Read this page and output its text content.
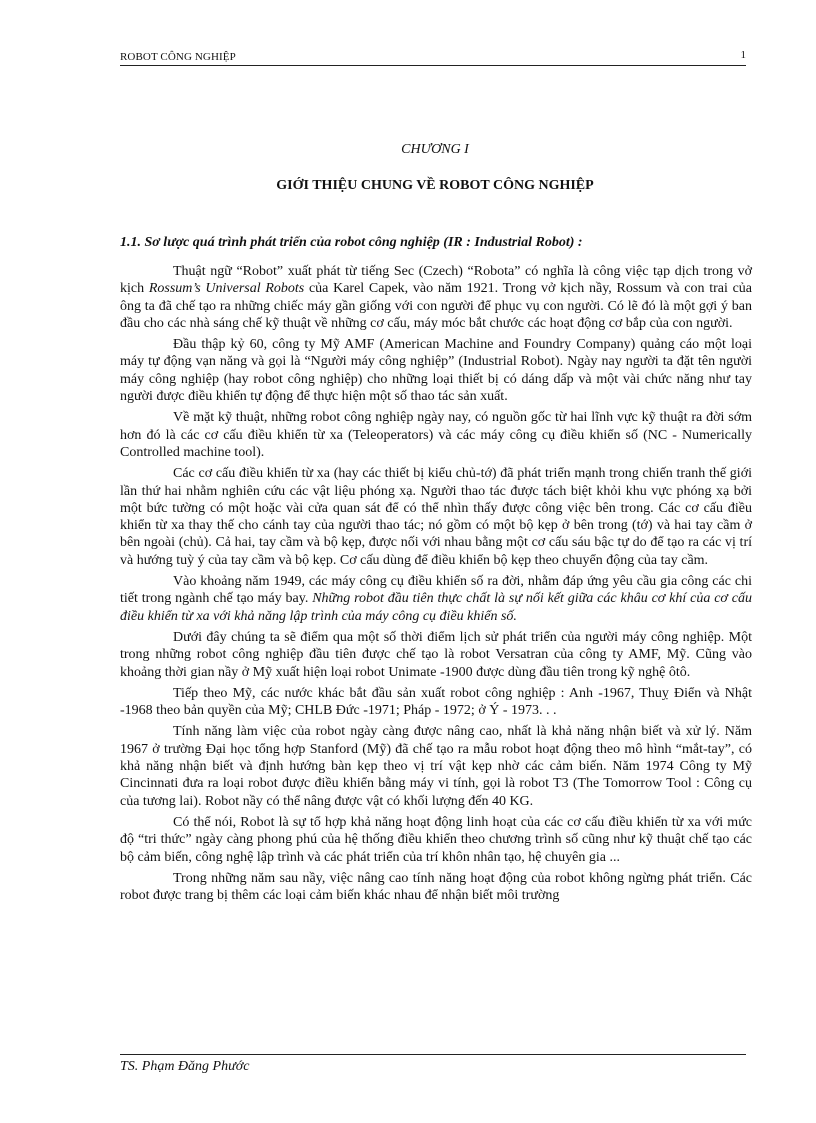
ROBOT CÔNG NGHIỆP	1
CHƯƠNG I
GIỚI THIỆU CHUNG VỀ ROBOT CÔNG NGHIỆP
1.1. Sơ lược quá trình phát triển của robot công nghiệp (IR : Industrial Robot) :

Thuật ngữ “Robot” xuất phát từ tiếng Sec (Czech) “Robota” có nghĩa là công việc tạp dịch trong vở kịch Rossum’s Universal Robots của Karel Capek, vào năm 1921. Trong vở kịch nầy, Rossum và con trai của ông ta đã chế tạo ra những chiếc máy gần giống với con người để phục vụ con người. Có lẽ đó là một gợi ý ban đầu cho các nhà sáng chế kỹ thuật về những cơ cấu, máy móc bắt chước các hoạt động cơ bắp của con người.

Đầu thập kỷ 60, công ty Mỹ AMF (American Machine and Foundry Company) quảng cáo một loại máy tự động vạn năng và gọi là “Người máy công nghiệp” (Industrial Robot). Ngày nay người ta đặt tên người máy công nghiệp (hay robot công nghiệp) cho những loại thiết bị có dáng dấp và một vài chức năng như tay người được điều khiển tự động để thực hiện một số thao tác sản xuất.

Về mặt kỹ thuật, những robot công nghiệp ngày nay, có nguồn gốc từ hai lĩnh vực kỹ thuật ra đời sớm hơn đó là các cơ cấu điều khiển từ xa (Teleoperators) và các máy công cụ điều khiển số (NC - Numerically Controlled machine tool).

Các cơ cấu điều khiển từ xa (hay các thiết bị kiểu chủ-tớ) đã phát triển mạnh trong chiến tranh thế giới lần thứ hai nhằm nghiên cứu các vật liệu phóng xạ. Người thao tác được tách biệt khỏi khu vực phóng xạ bởi một bức tường có một hoặc vài cửa quan sát để có thể nhìn thấy được công việc bên trong. Các cơ cấu điều khiển từ xa thay thế cho cánh tay của người thao tác; nó gồm có một bộ kẹp ở bên trong (tớ) và hai tay cầm ở bên ngoài (chủ). Cả hai, tay cầm và bộ kẹp, được nối với nhau bằng một cơ cấu sáu bậc tự do để tạo ra các vị trí và hướng tuỳ ý của tay cầm và bộ kẹp. Cơ cấu dùng để điều khiển bộ kẹp theo chuyển động của tay cầm.

Vào khoảng năm 1949, các máy công cụ điều khiển số ra đời, nhằm đáp ứng yêu cầu gia công các chi tiết trong ngành chế tạo máy bay. Những robot đầu tiên thực chất là sự nối kết giữa các khâu cơ khí của cơ cấu điều khiển từ xa với khả năng lập trình của máy công cụ điều khiển số.

Dưới đây chúng ta sẽ điểm qua một số thời điểm lịch sử phát triển của người máy công nghiệp. Một trong những robot công nghiệp đầu tiên được chế tạo là robot Versatran của công ty AMF, Mỹ. Cũng vào khoảng thời gian nầy ở Mỹ xuất hiện loại robot Unimate -1900 được dùng đầu tiên trong kỹ nghệ ôtô.

Tiếp theo Mỹ, các nước khác bắt đầu sản xuất robot công nghiệp : Anh -1967, Thuỵ Điển và Nhật -1968 theo bản quyền của Mỹ; CHLB Đức -1971; Pháp - 1972; ở Ý - 1973. . .

Tính năng làm việc của robot ngày càng được nâng cao, nhất là khả năng nhận biết và xử lý. Năm 1967 ở trường Đại học tổng hợp Stanford (Mỹ) đã chế tạo ra mẫu robot hoạt động theo mô hình “mắt-tay”, có khả năng nhận biết và định hướng bàn kẹp theo vị trí vật kẹp nhờ các cảm biến. Năm 1974 Công ty Mỹ Cincinnati đưa ra loại robot được điều khiển bằng máy vi tính, gọi là robot T3 (The Tomorrow Tool : Công cụ của tương lai). Robot nầy có thể nâng được vật có khối lượng đến 40 KG.

Có thể nói, Robot là sự tổ hợp khả năng hoạt động linh hoạt của các cơ cấu điều khiển từ xa với mức độ “tri thức” ngày càng phong phú của hệ thống điều khiển theo chương trình số cũng như kỹ thuật chế tạo các bộ cảm biến, công nghệ lập trình và các phát triển của trí khôn nhân tạo, hệ chuyên gia ...

Trong những năm sau nầy, việc nâng cao tính năng hoạt động của robot không ngừng phát triển. Các robot được trang bị thêm các loại cảm biến khác nhau để nhận biết môi trường

TS. Phạm Đăng Phước
